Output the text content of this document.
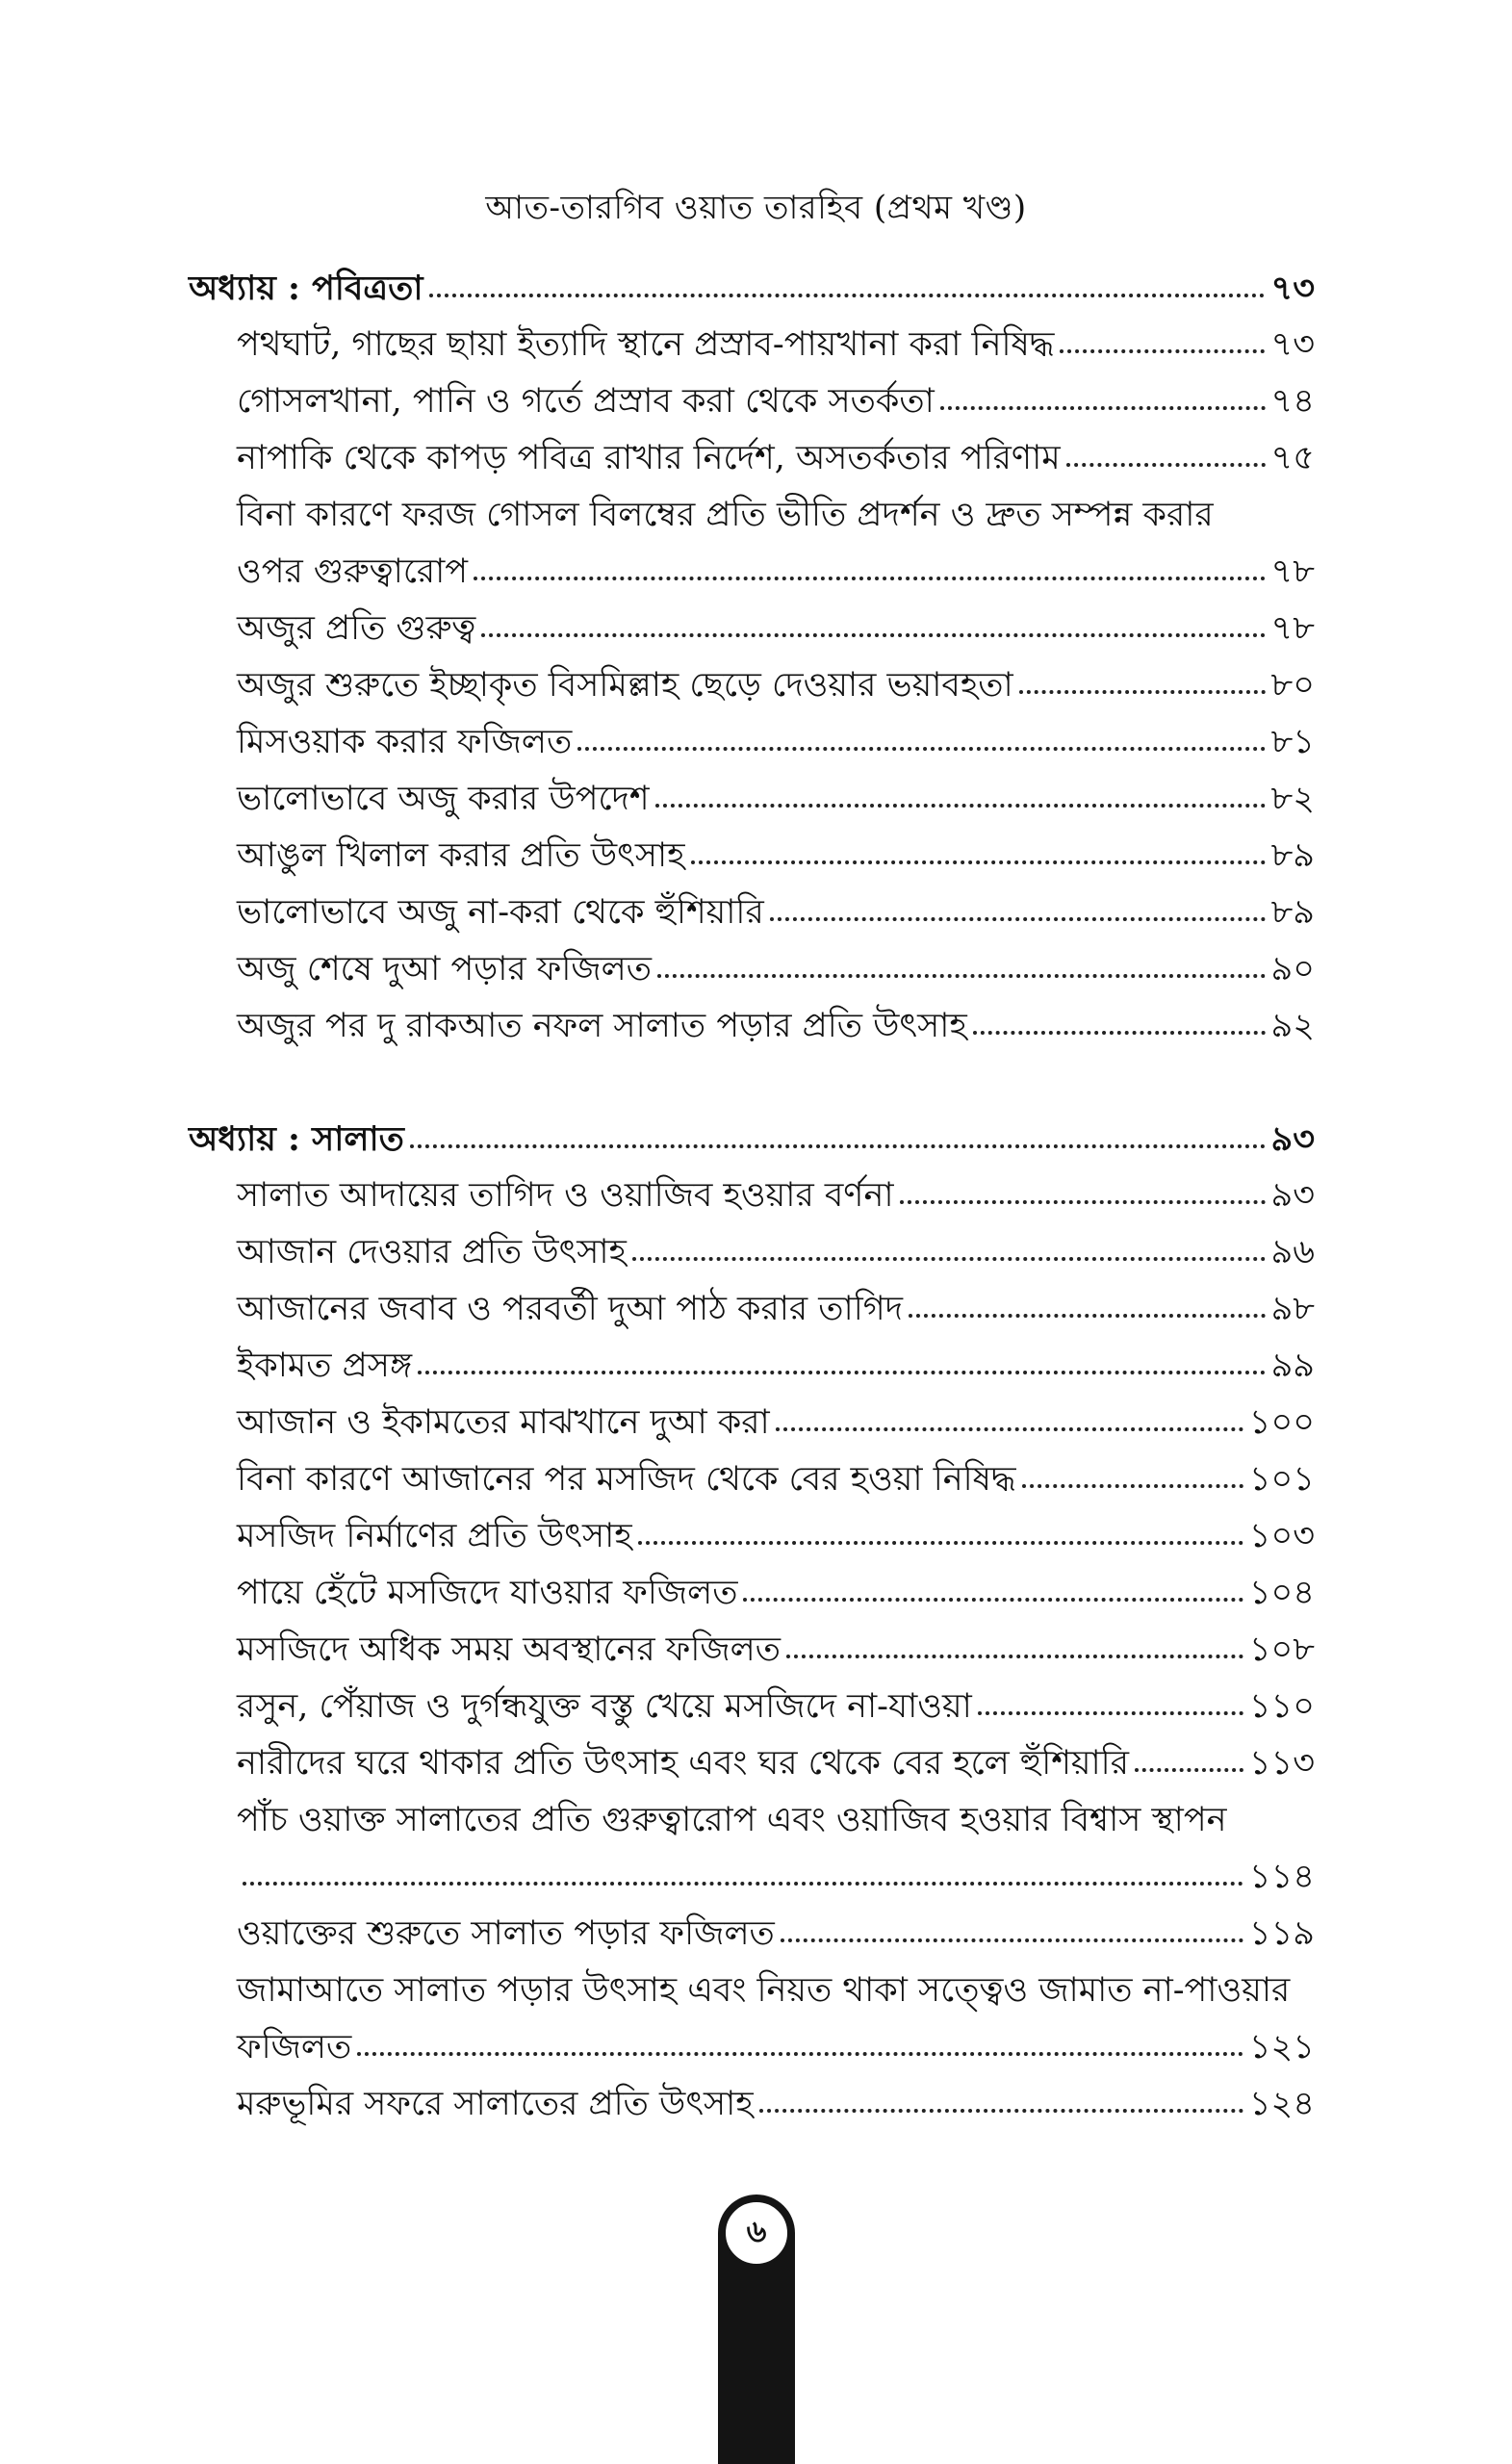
আত-তারগিব ওয়াত তারহিব (প্রথম খণ্ড)
অধ্যায় : পবিত্রতা	৭৩
পথঘাট, গাছের ছায়া ইত্যাদি স্থানে প্রস্রাব-পায়খানা করা নিষিদ্ধ	৭৩
গোসলখানা, পানি ও গর্তে প্রস্রাব করা থেকে সতর্কতা	৭৪
নাপাকি থেকে কাপড় পবিত্র রাখার নির্দেশ, অসতর্কতার পরিণাম	৭৫
বিনা কারণে ফরজ গোসল বিলম্বের প্রতি ভীতি প্রদর্শন ও দ্রুত সম্পন্ন করার
ওপর গুরুত্বারোপ	৭৮
অজুর প্রতি গুরুত্ব	৭৮
অজুর শুরুতে ইচ্ছাকৃত বিসমিল্লাহ ছেড়ে দেওয়ার ভয়াবহতা	৮০
মিসওয়াক করার ফজিলত	৮১
ভালোভাবে অজু করার উপদেশ	৮২
আঙুল খিলাল করার প্রতি উৎসাহ	৮৯
ভালোভাবে অজু না-করা থেকে হুঁশিয়ারি	৮৯
অজু শেষে দুআ পড়ার ফজিলত	৯০
অজুর পর দু রাকআত নফল সালাত পড়ার প্রতি উৎসাহ	৯২
অধ্যায় : সালাত	৯৩
সালাত আদায়ের তাগিদ ও ওয়াজিব হওয়ার বর্ণনা	৯৩
আজান দেওয়ার প্রতি উৎসাহ	৯৬
আজানের জবাব ও পরবর্তী দুআ পাঠ করার তাগিদ	৯৮
ইকামত প্রসঙ্গ	৯৯
আজান ও ইকামতের মাঝখানে দুআ করা	১০০
বিনা কারণে আজানের পর মসজিদ থেকে বের হওয়া নিষিদ্ধ	১০১
মসজিদ নির্মাণের প্রতি উৎসাহ	১০৩
পায়ে হেঁটে মসজিদে যাওয়ার ফজিলত	১০৪
মসজিদে অধিক সময় অবস্থানের ফজিলত	১০৮
রসুন, পেঁয়াজ ও দুর্গন্ধযুক্ত বস্তু খেয়ে মসজিদে না-যাওয়া	১১০
নারীদের ঘরে থাকার প্রতি উৎসাহ এবং ঘর থেকে বের হলে হুঁশিয়ারি	১১৩
পাঁচ ওয়াক্ত সালাতের প্রতি গুরুত্বারোপ এবং ওয়াজিব হওয়ার বিশ্বাস স্থাপন
১১৪
ওয়াক্তের শুরুতে সালাত পড়ার ফজিলত	১১৯
জামাআতে সালাত পড়ার উৎসাহ এবং নিয়ত থাকা সত্ত্বেও জামাত না-পাওয়ার
ফজিলত	১২১
মরুভূমির সফরে সালাতের প্রতি উৎসাহ	১২৪
৬
